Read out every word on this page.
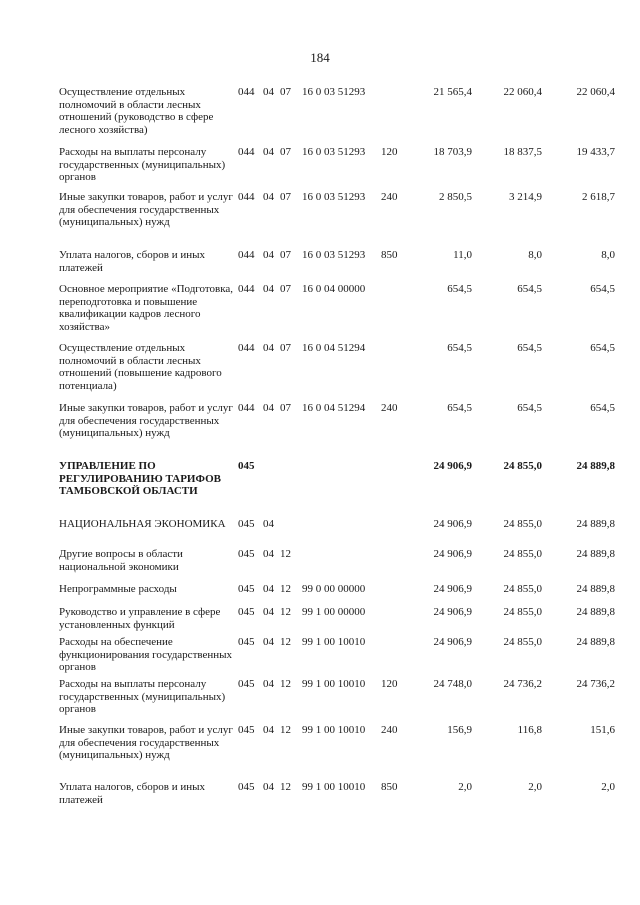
184
Осуществление отдельных полномочий в области лесных отношений (руководство в сфере лесного хозяйства)
044 04 07 16 0 03 51293	21 565,4	22 060,4	22 060,4
Расходы на выплаты персоналу государственных (муниципальных) органов
044 04 07 16 0 03 51293 120	18 703,9	18 837,5	19 433,7
Иные закупки товаров, работ и услуг для обеспечения государственных (муниципальных) нужд
044 04 07 16 0 03 51293 240	2 850,5	3 214,9	2 618,7
Уплата налогов, сборов и иных платежей
044 04 07 16 0 03 51293 850	11,0	8,0	8,0
Основное мероприятие «Подготовка, переподготовка и повышение квалификации кадров лесного хозяйства»
044 04 07 16 0 04 00000	654,5	654,5	654,5
Осуществление отдельных полномочий в области лесных отношений (повышение кадрового потенциала)
044 04 07 16 0 04 51294	654,5	654,5	654,5
Иные закупки товаров, работ и услуг для обеспечения государственных (муниципальных) нужд
044 04 07 16 0 04 51294 240	654,5	654,5	654,5
УПРАВЛЕНИЕ ПО РЕГУЛИРОВАНИЮ ТАРИФОВ ТАМБОВСКОЙ ОБЛАСТИ
045	24 906,9	24 855,0	24 889,8
НАЦИОНАЛЬНАЯ ЭКОНОМИКА	045 04	24 906,9	24 855,0	24 889,8
Другие вопросы в области национальной экономики
045 04 12	24 906,9	24 855,0	24 889,8
Непрограммные расходы	045 04 12 99 0 00 00000	24 906,9	24 855,0	24 889,8
Руководство и управление в сфере установленных функций
045 04 12 99 1 00 00000	24 906,9	24 855,0	24 889,8
Расходы на обеспечение функционирования государственных органов
045 04 12 99 1 00 10010	24 906,9	24 855,0	24 889,8
Расходы на выплаты персоналу государственных (муниципальных) органов
045 04 12 99 1 00 10010 120	24 748,0	24 736,2	24 736,2
Иные закупки товаров, работ и услуг для обеспечения государственных (муниципальных) нужд
045 04 12 99 1 00 10010 240	156,9	116,8	151,6
Уплата налогов, сборов и иных платежей
045 04 12 99 1 00 10010 850	2,0	2,0	2,0
